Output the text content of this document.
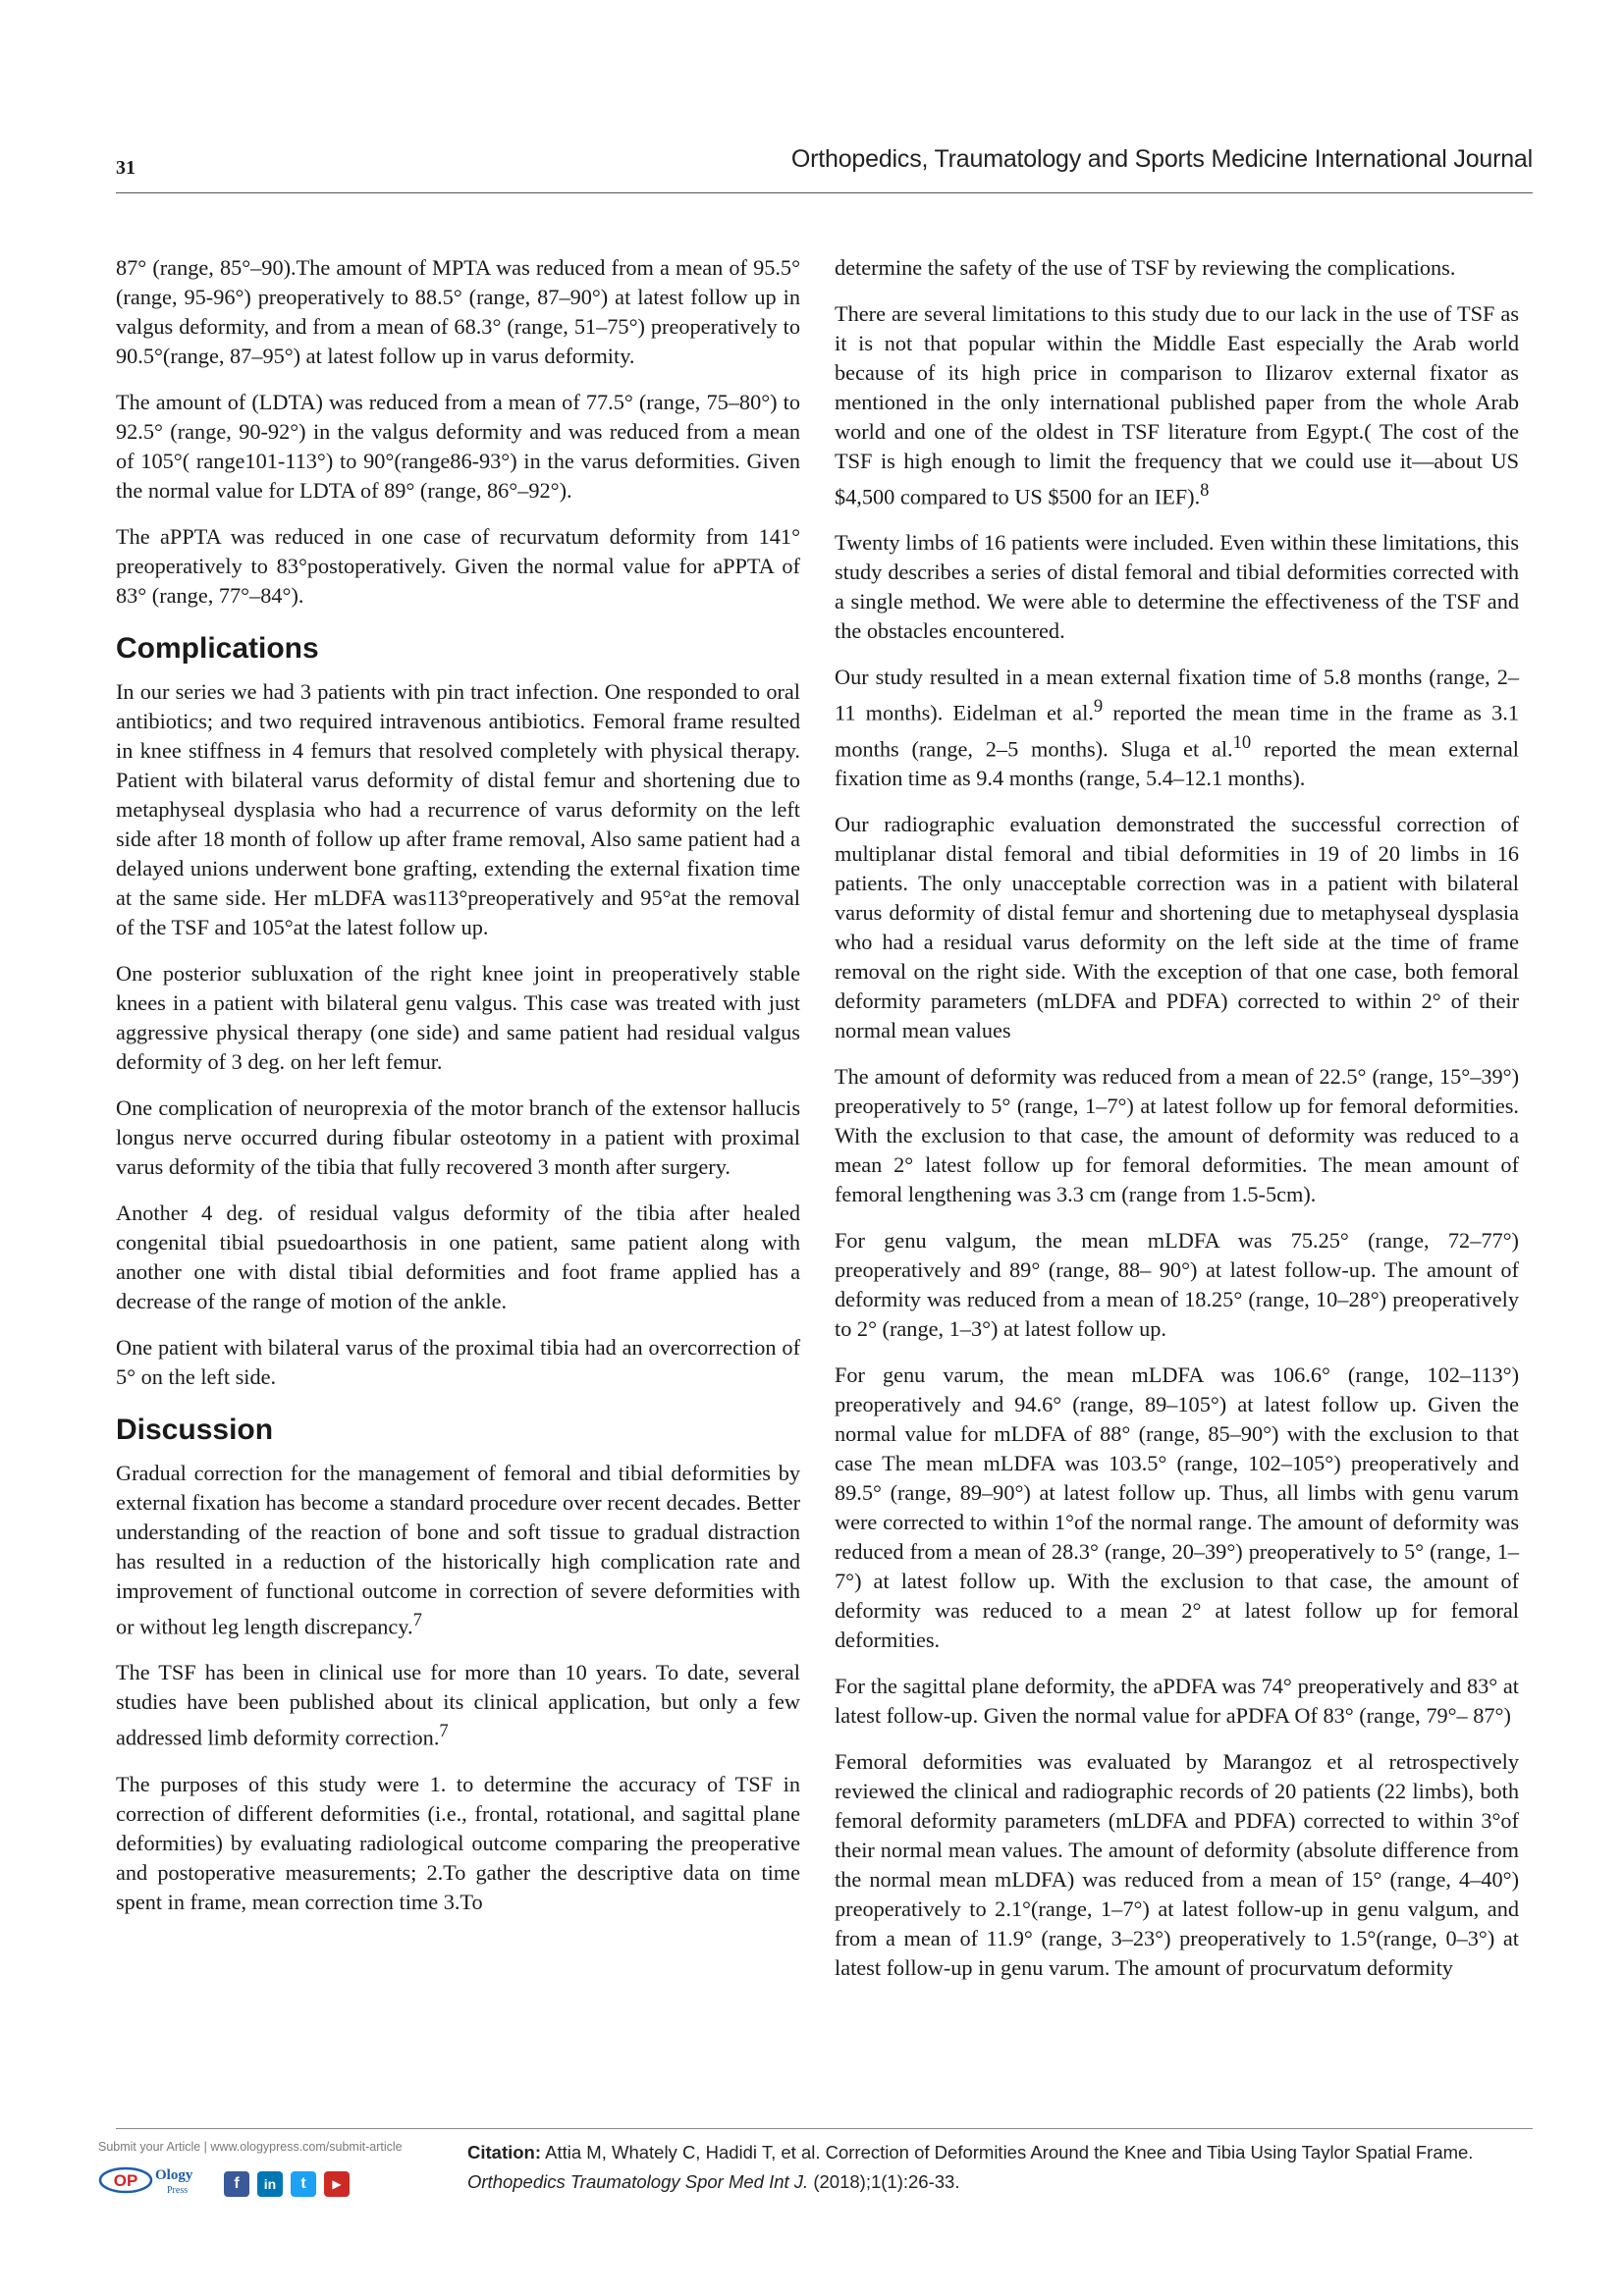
31	Orthopedics, Traumatology and Sports Medicine International Journal

87° (range, 85°–90).The amount of MPTA was reduced from a mean of 95.5° (range, 95-96°) preoperatively to 88.5° (range, 87–90°) at latest follow up in valgus deformity, and from a mean of 68.3° (range, 51–75°) preoperatively to 90.5°(range, 87–95°) at latest follow up in varus deformity.

The amount of (LDTA) was reduced from a mean of 77.5° (range, 75–80°) to 92.5° (range, 90-92°) in the valgus deformity and was reduced from a mean of 105°( range101-113°) to 90°(range86-93°) in the varus deformities. Given the normal value for LDTA of 89° (range, 86°–92°).

The aPPTA was reduced in one case of recurvatum deformity from 141° preoperatively to 83°postoperatively. Given the normal value for aPPTA of 83° (range, 77°–84°).

Complications

In our series we had 3 patients with pin tract infection. One responded to oral antibiotics; and two required intravenous antibiotics. Femoral frame resulted in knee stiffness in 4 femurs that resolved completely with physical therapy. Patient with bilateral varus deformity of distal femur and shortening due to metaphyseal dysplasia who had a recurrence of varus deformity on the left side after 18 month of follow up after frame removal, Also same patient had a delayed unions underwent bone grafting, extending the external fixation time at the same side. Her mLDFA was113°preoperatively and 95°at the removal of the TSF and 105°at the latest follow up.

One posterior subluxation of the right knee joint in preoperatively stable knees in a patient with bilateral genu valgus. This case was treated with just aggressive physical therapy (one side) and same patient had residual valgus deformity of 3 deg. on her left femur.

One complication of neuroprexia of the motor branch of the extensor hallucis longus nerve occurred during fibular osteotomy in a patient with proximal varus deformity of the tibia that fully recovered 3 month after surgery.

Another 4 deg. of residual valgus deformity of the tibia after healed congenital tibial psuedoarthosis in one patient, same patient along with another one with distal tibial deformities and foot frame applied has a decrease of the range of motion of the ankle.

One patient with bilateral varus of the proximal tibia had an overcorrection of 5° on the left side.

Discussion

Gradual correction for the management of femoral and tibial deformities by external fixation has become a standard procedure over recent decades. Better understanding of the reaction of bone and soft tissue to gradual distraction has resulted in a reduction of the historically high complication rate and improvement of functional outcome in correction of severe deformities with or without leg length discrepancy.$^7$

The TSF has been in clinical use for more than 10 years. To date, several studies have been published about its clinical application, but only a few addressed limb deformity correction.$^7$

The purposes of this study were 1. to determine the accuracy of TSF in correction of different deformities (i.e., frontal, rotational, and sagittal plane deformities) by evaluating radiological outcome comparing the preoperative and postoperative measurements; 2.To gather the descriptive data on time spent in frame, mean correction time 3.To

determine the safety of the use of TSF by reviewing the complications.

There are several limitations to this study due to our lack in the use of TSF as it is not that popular within the Middle East especially the Arab world because of its high price in comparison to Ilizarov external fixator as mentioned in the only international published paper from the whole Arab world and one of the oldest in TSF literature from Egypt.( The cost of the TSF is high enough to limit the frequency that we could use it—about US $4,500 compared to US $500 for an IEF).$^8$

Twenty limbs of 16 patients were included. Even within these limitations, this study describes a series of distal femoral and tibial deformities corrected with a single method. We were able to determine the effectiveness of the TSF and the obstacles encountered.

Our study resulted in a mean external fixation time of 5.8 months (range, 2–11 months). Eidelman et al.$^9$ reported the mean time in the frame as 3.1 months (range, 2–5 months). Sluga et al.$^{10}$ reported the mean external fixation time as 9.4 months (range, 5.4–12.1 months).

Our radiographic evaluation demonstrated the successful correction of multiplanar distal femoral and tibial deformities in 19 of 20 limbs in 16 patients. The only unacceptable correction was in a patient with bilateral varus deformity of distal femur and shortening due to metaphyseal dysplasia who had a residual varus deformity on the left side at the time of frame removal on the right side. With the exception of that one case, both femoral deformity parameters (mLDFA and PDFA) corrected to within 2° of their normal mean values

The amount of deformity was reduced from a mean of 22.5° (range, 15°–39°) preoperatively to 5° (range, 1–7°) at latest follow up for femoral deformities. With the exclusion to that case, the amount of deformity was reduced to a mean 2° latest follow up for femoral deformities. The mean amount of femoral lengthening was 3.3 cm (range from 1.5-5cm).

For genu valgum, the mean mLDFA was 75.25° (range, 72–77°) preoperatively and 89° (range, 88– 90°) at latest follow-up. The amount of deformity was reduced from a mean of 18.25° (range, 10–28°) preoperatively to 2° (range, 1–3°) at latest follow up.

For genu varum, the mean mLDFA was 106.6° (range, 102–113°) preoperatively and 94.6° (range, 89–105°) at latest follow up. Given the normal value for mLDFA of 88° (range, 85–90°) with the exclusion to that case The mean mLDFA was 103.5° (range, 102–105°) preoperatively and 89.5° (range, 89–90°) at latest follow up. Thus, all limbs with genu varum were corrected to within 1°of the normal range. The amount of deformity was reduced from a mean of 28.3° (range, 20–39°) preoperatively to 5° (range, 1–7°) at latest follow up. With the exclusion to that case, the amount of deformity was reduced to a mean 2° at latest follow up for femoral deformities.

For the sagittal plane deformity, the aPDFA was 74° preoperatively and 83° at latest follow-up. Given the normal value for aPDFA Of 83° (range, 79°– 87°)

Femoral deformities was evaluated by Marangoz et al retrospectively reviewed the clinical and radiographic records of 20 patients (22 limbs), both femoral deformity parameters (mLDFA and PDFA) corrected to within 3°of their normal mean values. The amount of deformity (absolute difference from the normal mean mLDFA) was reduced from a mean of 15° (range, 4–40°) preoperatively to 2.1°(range, 1–7°) at latest follow-up in genu valgum, and from a mean of 11.9° (range, 3–23°) preoperatively to 1.5°(range, 0–3°) at latest follow-up in genu varum. The amount of procurvatum deformity

Submit your Article | www.ologypress.com/submit-article
OP Ology
Press	f	in	t	▶
Citation: Attia M, Whately C, Hadidi T, et al. Correction of Deformities Around the Knee and Tibia Using Taylor Spatial Frame. Orthopedics Traumatology Spor Med Int J. (2018);1(1):26-33.
